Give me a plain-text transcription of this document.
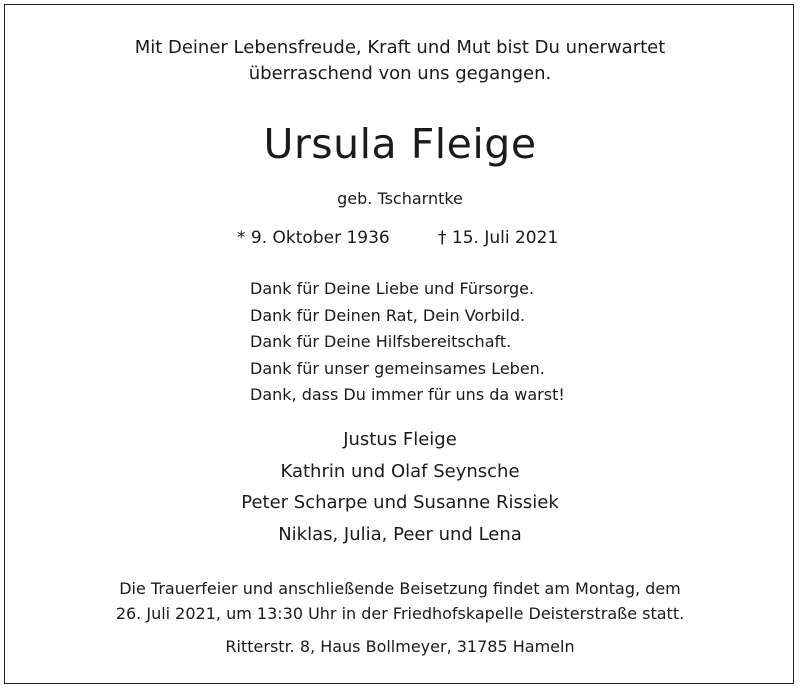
Mit Deiner Lebensfreude, Kraft und Mut bist Du unerwartet
überraschend von uns gegangen.
Ursula Fleige
geb. Tscharntke
* 9. Oktober 1936	† 15. Juli 2021
Dank für Deine Liebe und Fürsorge.
Dank für Deinen Rat, Dein Vorbild.
Dank für Deine Hilfsbereitschaft.
Dank für unser gemeinsames Leben.
Dank, dass Du immer für uns da warst!
Justus Fleige
Kathrin und Olaf Seynsche
Peter Scharpe und Susanne Rissiek
Niklas, Julia, Peer und Lena
Die Trauerfeier und anschließende Beisetzung findet am Montag, dem
26. Juli 2021, um 13:30 Uhr in der Friedhofskapelle Deisterstraße statt.
Ritterstr. 8, Haus Bollmeyer, 31785 Hameln
